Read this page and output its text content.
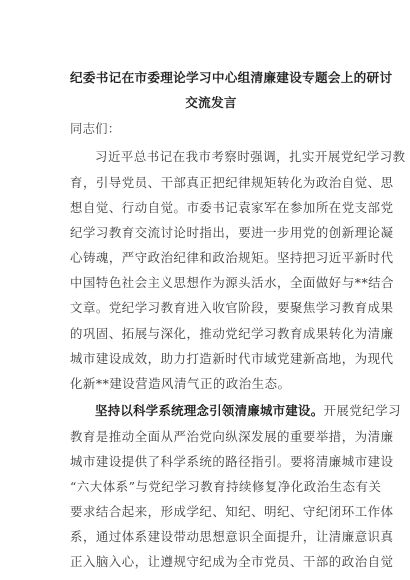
纪委书记在市委理论学习中心组清廉建设专题会上的研讨
交流发言
同志们：
习近平总书记在我市考察时强调，扎实开展党纪学习教
育，引导党员、干部真正把纪律规矩转化为政治自觉、思
想自觉、行动自觉。市委书记袁家军在参加所在党支部党
纪学习教育交流讨论时指出，要进一步用党的创新理论凝
心铸魂，严守政治纪律和政治规矩。坚持把习近平新时代
中国特色社会主义思想作为源头活水，全面做好与**结合
文章。党纪学习教育进入收官阶段，要聚焦学习教育成果
的巩固、拓展与深化，推动党纪学习教育成果转化为清廉
城市建设成效，助力打造新时代市域党建新高地，为现代
化新**建设营造风清气正的政治生态。
坚持以科学系统理念引领清廉城市建设。开展党纪学习
教育是推动全面从严治党向纵深发展的重要举措，为清廉
城市建设提供了科学系统的路径指引。要将清廉城市建设
“六大体系”与党纪学习教育持续修复净化政治生态有关
要求结合起来，形成学纪、知纪、明纪、守纪闭环工作体
系，通过体系建设带动思想意识全面提升，让清廉意识真
正入脑入心，让遵规守纪成为全市党员、干部的政治自觉
